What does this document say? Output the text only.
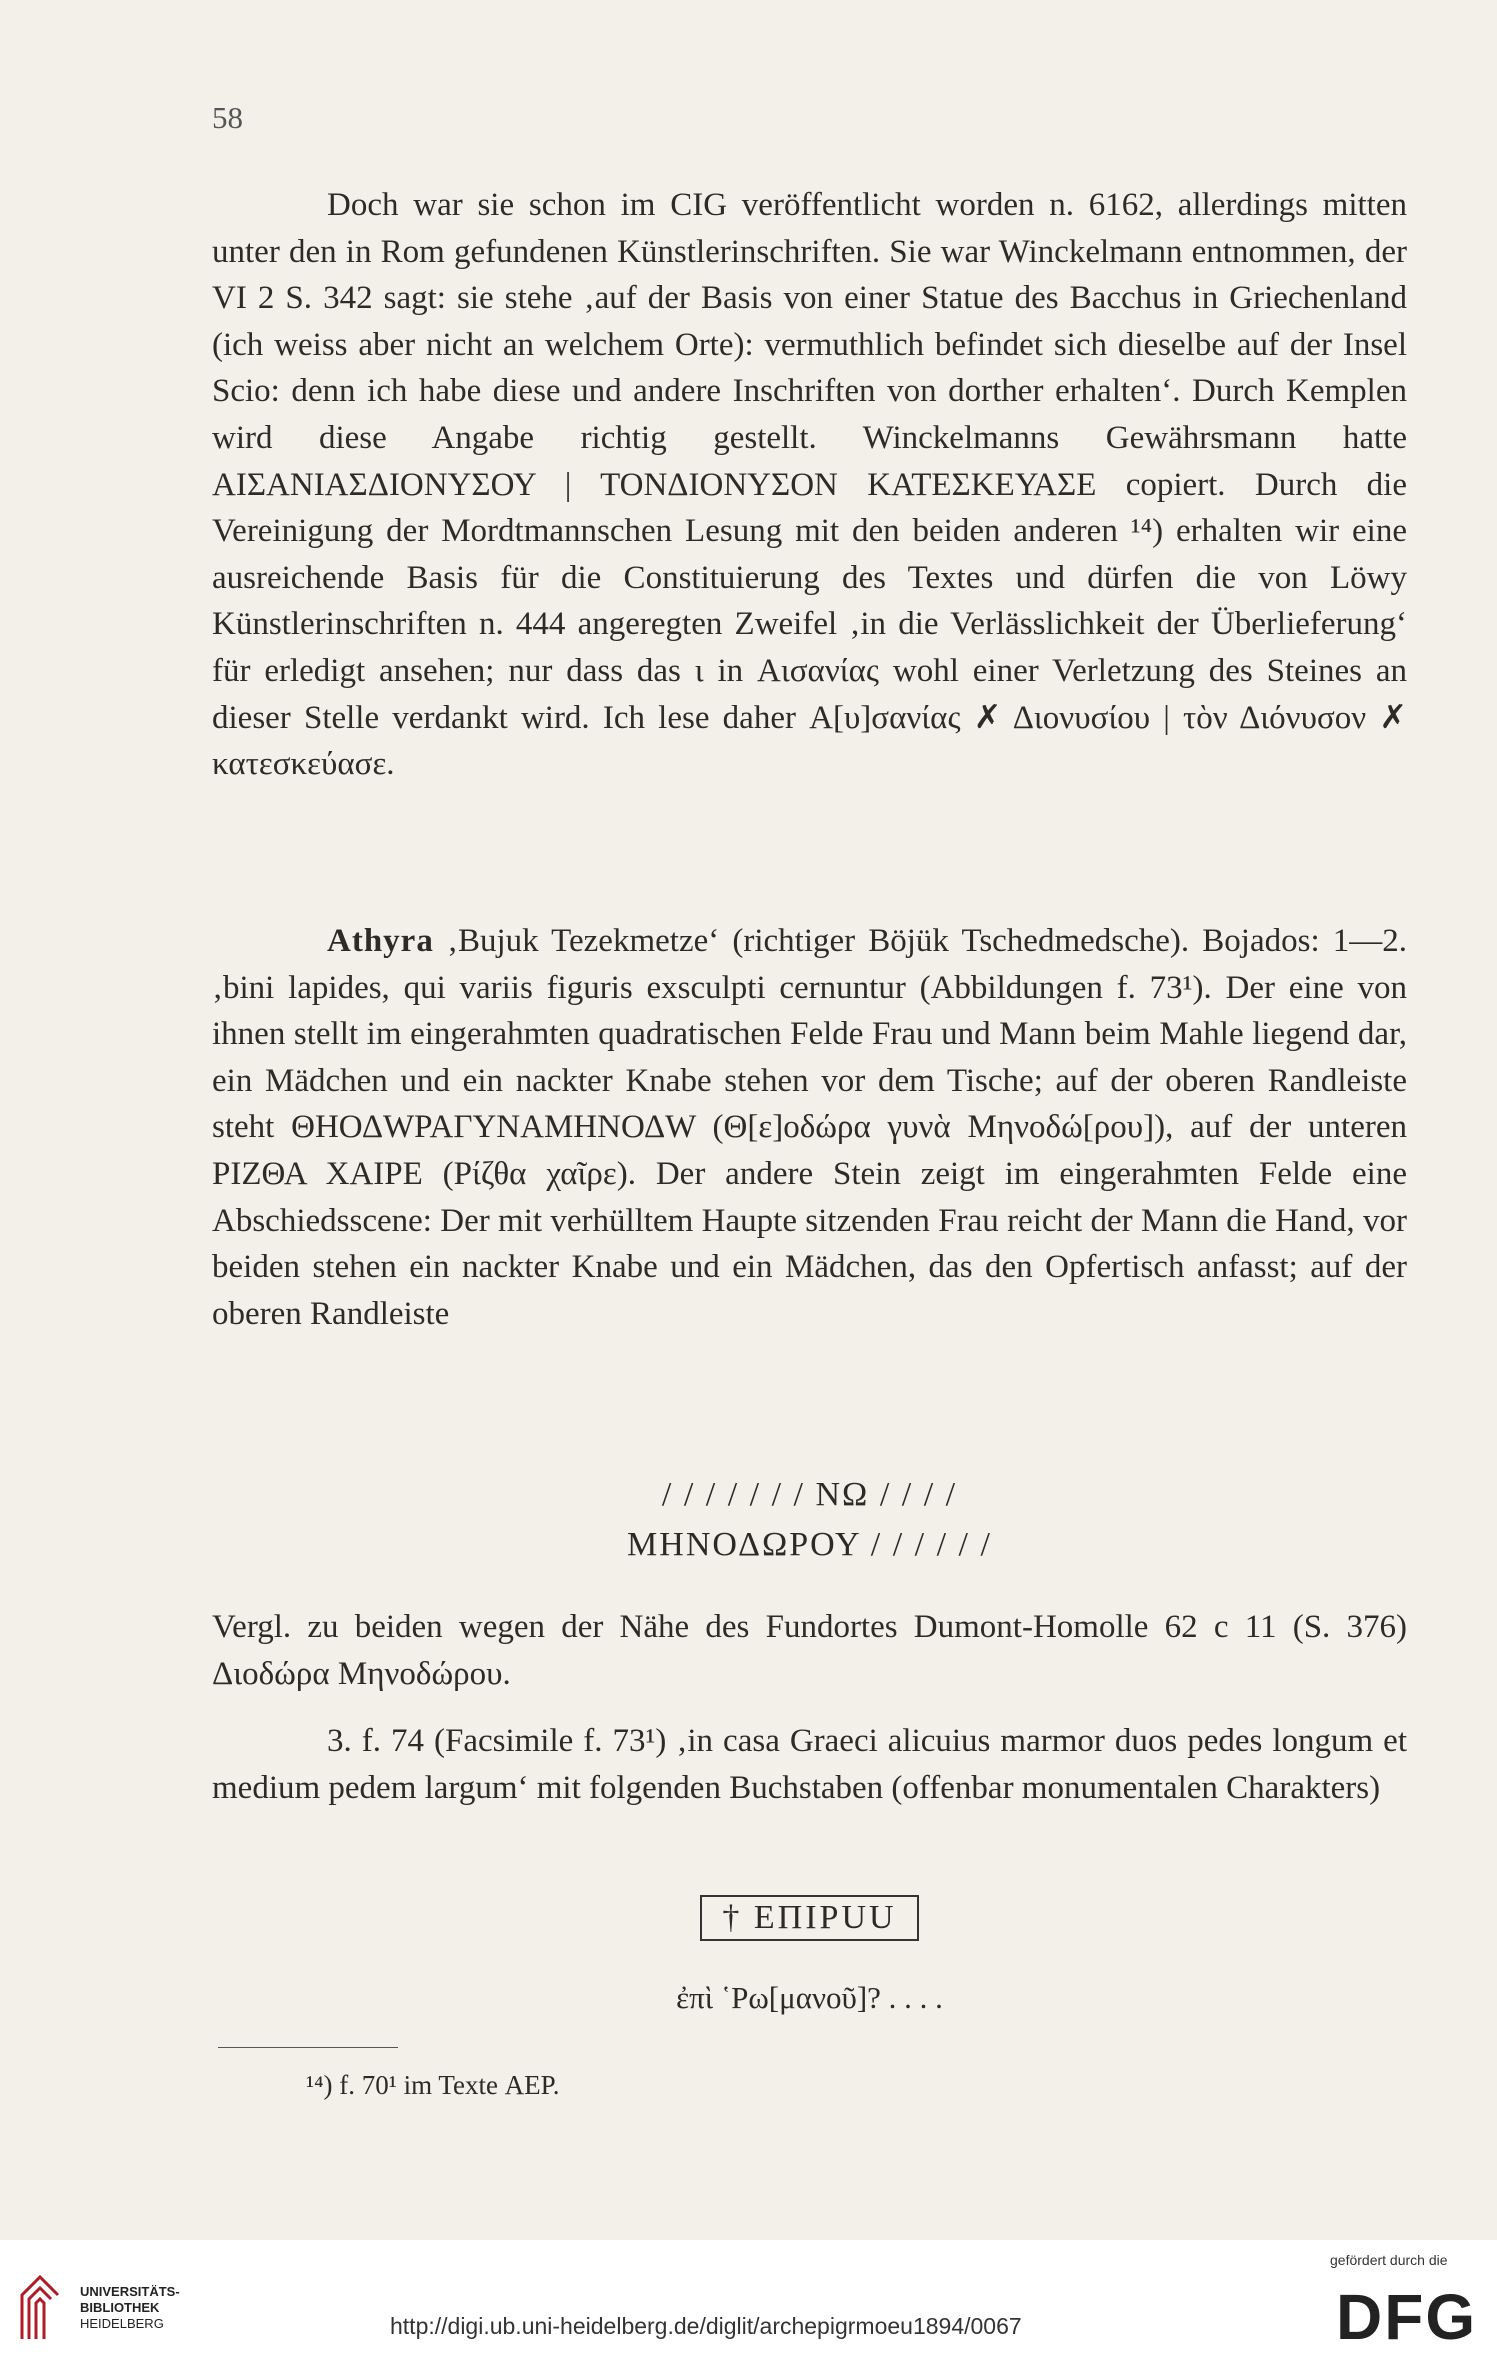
58

Doch war sie schon im CIG veröffentlicht worden n. 6162, allerdings mitten unter den in Rom gefundenen Künstlerinschriften. Sie war Winckelmann entnommen, der VI 2 S. 342 sagt: sie stehe ‚auf der Basis von einer Statue des Bacchus in Griechenland (ich weiss aber nicht an welchem Orte): vermuthlich befindet sich dieselbe auf der Insel Scio: denn ich habe diese und andere Inschriften von dorther erhalten‘. Durch Kemplen wird diese Angabe richtig gestellt. Winckelmanns Gewährsmann hatte ΑΙΣΑΝΙΑΣΔΙΟΝΥΣΟΥ | ΤΟΝΔΙΟΝΥΣΟΝ ΚΑΤΕΣΚΕΥΑΣΕ copiert. Durch die Vereinigung der Mordtmannschen Lesung mit den beiden anderen ¹⁴) erhalten wir eine ausreichende Basis für die Constituierung des Textes und dürfen die von Löwy Künstlerinschriften n. 444 angeregten Zweifel ‚in die Verlässlichkeit der Überlieferung‘ für erledigt ansehen; nur dass das ι in Αισανίας wohl einer Verletzung des Steines an dieser Stelle verdankt wird. Ich lese daher Α[υ]σανίας ✗ Διονυσίου | τὸν Διόνυσον ✗ κατεσκεύασε.

Athyra ‚Bujuk Tezekmetze‘ (richtiger Böjük Tschedmedsche). Bojados: 1—2. ‚bini lapides, qui variis figuris exsculpti cernuntur (Abbildungen f. 73¹). Der eine von ihnen stellt im eingerahmten quadratischen Felde Frau und Mann beim Mahle liegend dar, ein Mädchen und ein nackter Knabe stehen vor dem Tische; auf der oberen Randleiste steht ΘΗΟΔWΡΑΓΥΝΑΜΗΝΟΔW (Θ[ε]οδώρα γυνὰ Μηνοδώ[ρου]), auf der unteren ΡΙΖΘΑ ΧΑΙΡΕ (Ρίζθα χαῖρε). Der andere Stein zeigt im eingerahmten Felde eine Abschiedsscene: Der mit verhülltem Haupte sitzenden Frau reicht der Mann die Hand, vor beiden stehen ein nackter Knabe und ein Mädchen, das den Opfertisch anfasst; auf der oberen Randleiste

/ / / / / / / ΝΩ / / / /
ΜΗΝΟΔΩΡΟΥ / / / / / /

Vergl. zu beiden wegen der Nähe des Fundortes Dumont-Homolle 62 c 11 (S. 376) Διοδώρα Μηνοδώρου.

3. f. 74 (Facsimile f. 73¹) ‚in casa Graeci alicuius marmor duos pedes longum et medium pedem largum‘ mit folgenden Buchstaben (offenbar monumentalen Charakters)

† ΕΠΙΡUU
ἐπὶ ῾Ρω[μανοῦ]? . . . .
¹⁴) f. 70¹ im Texte ΑΕΡ.
UNIVERSITÄTS-
BIBLIOTHEK
HEIDELBERG	http://digi.ub.uni-heidelberg.de/diglit/archepigrmoeu1894/0067
gefördert durch die
DFG
